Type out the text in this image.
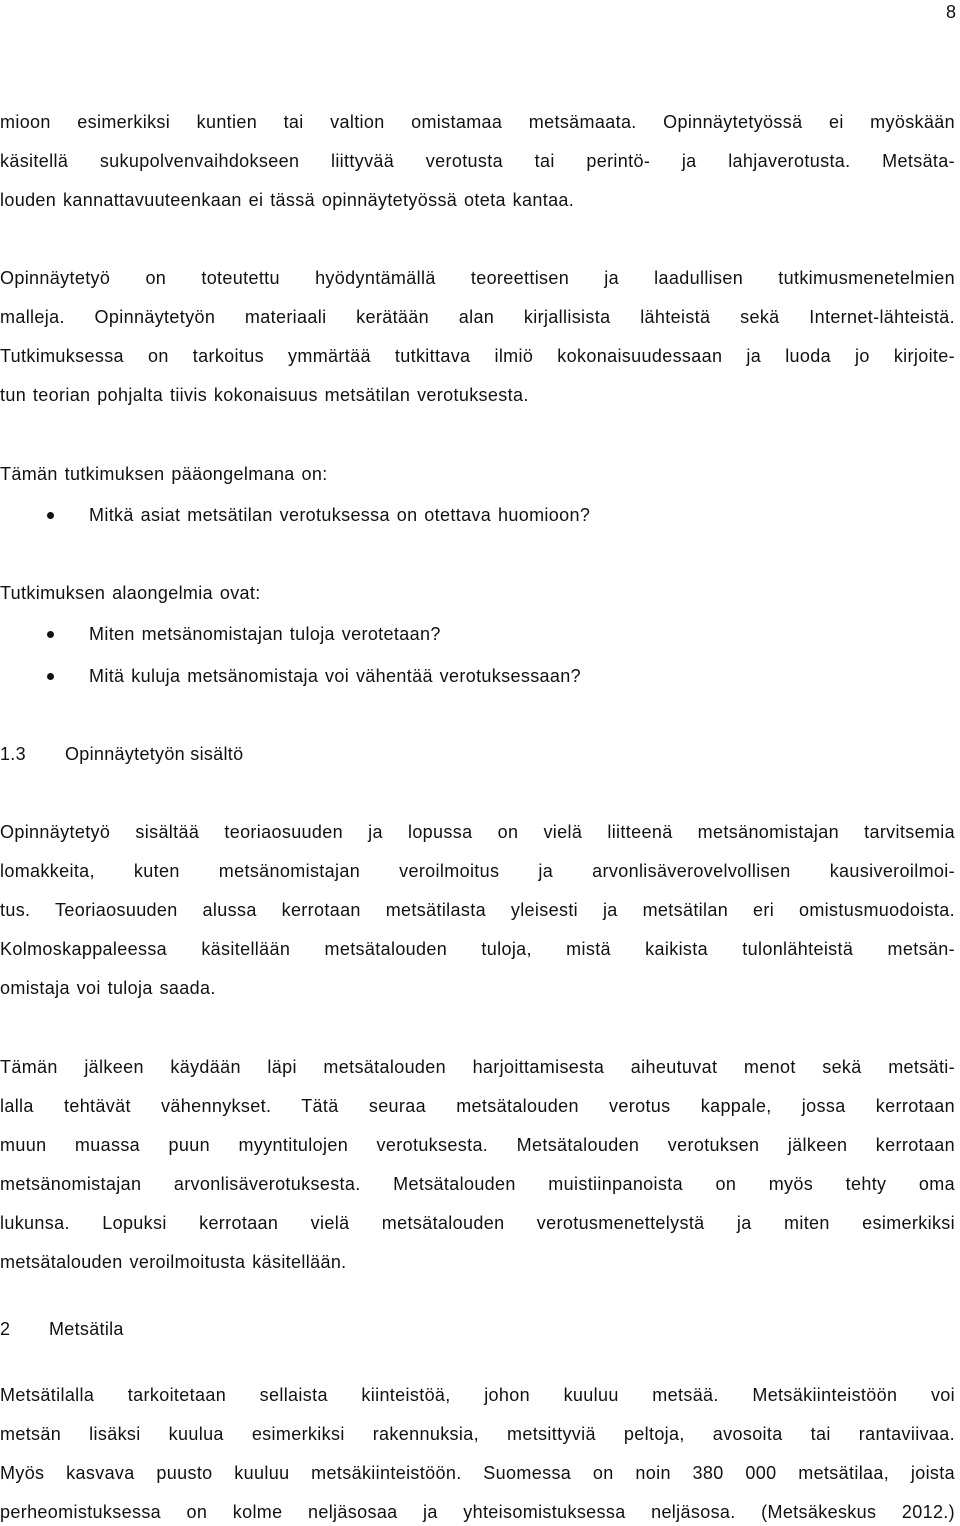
8
mioon esimerkiksi kuntien tai valtion omistamaa metsämaata. Opinnäytetyössä ei myöskään
käsitellä sukupolvenvaihdokseen liittyvää verotusta tai perintö- ja lahjaverotusta. Metsäta-
louden kannattavuuteenkaan ei tässä opinnäytetyössä oteta kantaa.
Opinnäytetyö on toteutettu hyödyntämällä teoreettisen ja laadullisen tutkimusmenetelmien
malleja. Opinnäytetyön materiaali kerätään alan kirjallisista lähteistä sekä Internet-lähteistä.
Tutkimuksessa on tarkoitus ymmärtää tutkittava ilmiö kokonaisuudessaan ja luoda jo kirjoite-
tun teorian pohjalta tiivis kokonaisuus metsätilan verotuksesta.
Tämän tutkimuksen pääongelmana on:
Mitkä asiat metsätilan verotuksessa on otettava huomioon?
Tutkimuksen alaongelmia ovat:
Miten metsänomistajan tuloja verotetaan?
Mitä kuluja metsänomistaja voi vähentää verotuksessaan?
1.3 Opinnäytetyön sisältö
Opinnäytetyö sisältää teoriaosuuden ja lopussa on vielä liitteenä metsänomistajan tarvitsemia
lomakkeita, kuten metsänomistajan veroilmoitus ja arvonlisäverovelvollisen kausiveroilmoi-
tus. Teoriaosuuden alussa kerrotaan metsätilasta yleisesti ja metsätilan eri omistusmuodoista.
Kolmoskappaleessa käsitellään metsätalouden tuloja, mistä kaikista tulonlähteistä metsän-
omistaja voi tuloja saada.
Tämän jälkeen käydään läpi metsätalouden harjoittamisesta aiheutuvat menot sekä metsäti-
lalla tehtävät vähennykset. Tätä seuraa metsätalouden verotus kappale, jossa kerrotaan
muun muassa puun myyntitulojen verotuksesta. Metsätalouden verotuksen jälkeen kerrotaan
metsänomistajan arvonlisäverotuksesta. Metsätalouden muistiinpanoista on myös tehty oma
lukunsa. Lopuksi kerrotaan vielä metsätalouden verotusmenettelystä ja miten esimerkiksi
metsätalouden veroilmoitusta käsitellään.
2 Metsätila
Metsätilalla tarkoitetaan sellaista kiinteistöä, johon kuuluu metsää. Metsäkiinteistöön voi
metsän lisäksi kuulua esimerkiksi rakennuksia, metsittyviä peltoja, avosoita tai rantaviivaa.
Myös kasvava puusto kuuluu metsäkiinteistöön. Suomessa on noin 380 000 metsätilaa, joista
perheomistuksessa on kolme neljäsosaa ja yhteisomistuksessa neljäsosa. (Metsäkeskus 2012.)
